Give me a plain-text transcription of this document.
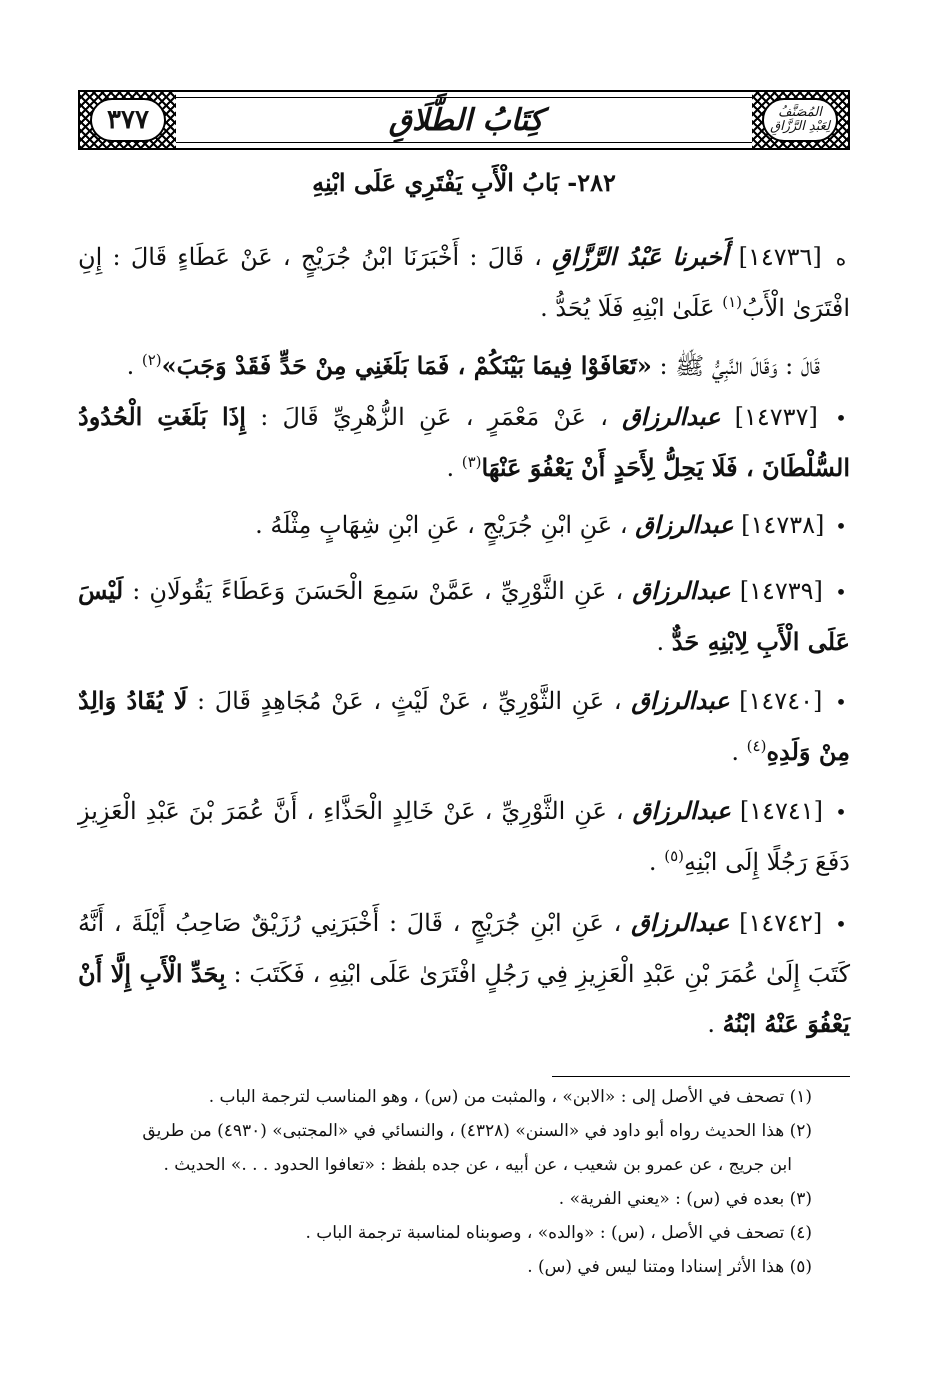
المُصَنَّفُ
لِعَبْدِ الرَّزَّاقِ
كِتَابُ الطَّلَاقِ
٣٧٧
٢٨٢- بَابُ الْأَبِ يَفْتَرِي عَلَى ابْنِهِ
ه [١٤٧٣٦] أَخبرنا عَبْدُ الرَّزَّاقِ ، قَالَ : أَخْبَرَنَا ابْنُ جُرَيْجٍ ، عَنْ عَطَاءٍ قَالَ : إِنِ افْتَرَىٰ الْأَبُ$^{(١)}$ عَلَىٰ ابْنِهِ فَلَا يُحَدُّ .
قَالَ : وَقَالَ النَّبِيُّ ﷺ : «تَعَافَوْا فِيمَا بَيْنَكُمْ ، فَمَا بَلَغَنِي مِنْ حَدٍّ فَقَدْ وَجَبَ»$^{(٢)}$ .
• [١٤٧٣٧] عبدالرزاق ، عَنْ مَعْمَرٍ ، عَنِ الزُّهْرِيِّ قَالَ : إِذَا بَلَغَتِ الْحُدُودُ السُّلْطَانَ ، فَلَا يَحِلُّ لِأَحَدٍ أَنْ يَعْفُوَ عَنْهَا$^{(٣)}$ .
• [١٤٧٣٨] عبدالرزاق ، عَنِ ابْنِ جُرَيْجٍ ، عَنِ ابْنِ شِهَابٍ مِثْلَهُ .
• [١٤٧٣٩] عبدالرزاق ، عَنِ الثَّوْرِيِّ ، عَمَّنْ سَمِعَ الْحَسَنَ وَعَطَاءً يَقُولَانِ : لَيْسَ عَلَى الْأَبِ لِابْنِهِ حَدٌّ .
• [١٤٧٤٠] عبدالرزاق ، عَنِ الثَّوْرِيِّ ، عَنْ لَيْثٍ ، عَنْ مُجَاهِدٍ قَالَ : لَا يُقَادُ وَالِدٌ مِنْ وَلَدِهِ$^{(٤)}$ .
• [١٤٧٤١] عبدالرزاق ، عَنِ الثَّوْرِيِّ ، عَنْ خَالِدٍ الْحَذَّاءِ ، أَنَّ عُمَرَ بْنَ عَبْدِ الْعَزِيزِ دَفَعَ رَجُلًا إِلَى ابْنِهِ$^{(٥)}$ .
• [١٤٧٤٢] عبدالرزاق ، عَنِ ابْنِ جُرَيْجٍ ، قَالَ : أَخْبَرَنِي رُزَيْقٌ صَاحِبُ أَيْلَةَ ، أَنَّهُ كَتَبَ إِلَىٰ عُمَرَ بْنِ عَبْدِ الْعَزِيزِ فِي رَجُلٍ افْتَرَىٰ عَلَى ابْنِهِ ، فَكَتَبَ : بِحَدِّ الْأَبِ إِلَّا أَنْ يَعْفُوَ عَنْهُ ابْنُهُ .
(١) تصحف في الأصل إلى : «الابن» ، والمثبت من (س) ، وهو المناسب لترجمة الباب .
(٢) هذا الحديث رواه أبو داود في «السنن» (٤٣٢٨) ، والنسائي في «المجتبى» (٤٩٣٠) من طريق
ابن جريج ، عن عمرو بن شعيب ، عن أبيه ، عن جده بلفظ : «تعافوا الحدود . . .» الحديث .
(٣) بعده في (س) : «يعني الفرية» .
(٤) تصحف في الأصل ، (س) : «والده» ، وصوبناه لمناسبة ترجمة الباب .
(٥) هذا الأثر إسنادا ومتنا ليس في (س) .
